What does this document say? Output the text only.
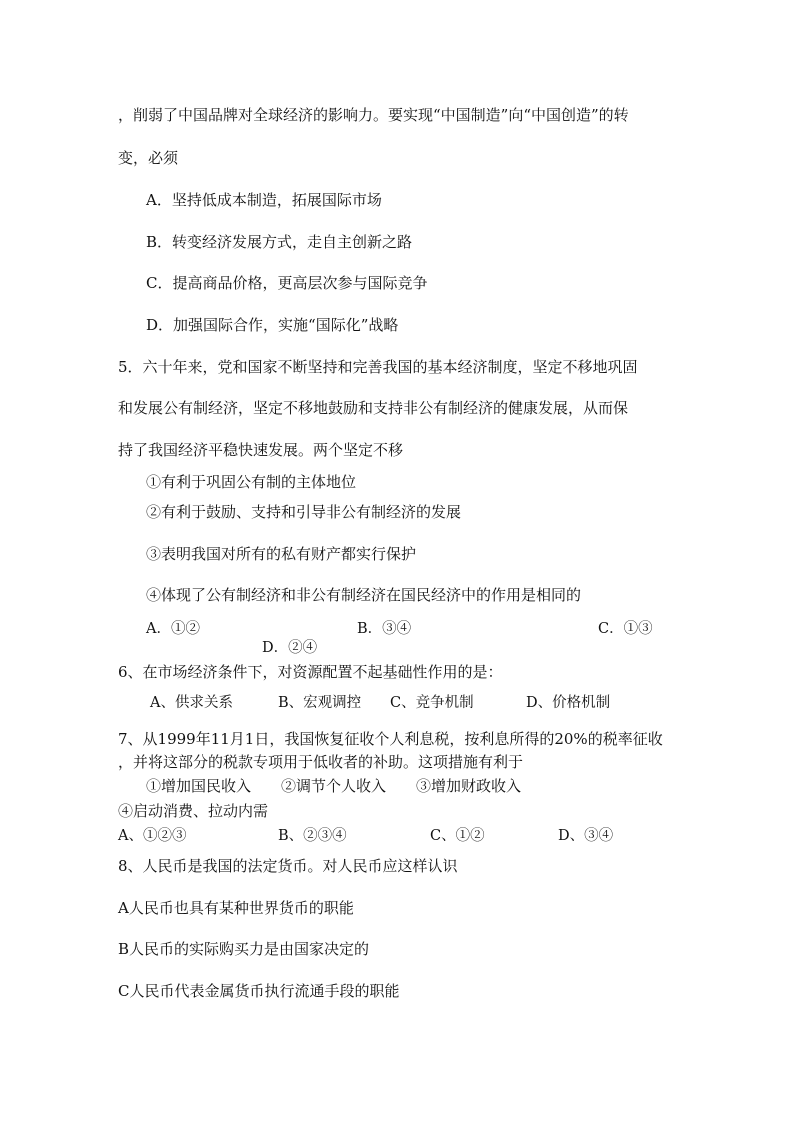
，削弱了中国品牌对全球经济的影响力。要实现“中国制造”向“中国创造”的转
变，必须
A．坚持低成本制造，拓展国际市场
B．转变经济发展方式，走自主创新之路
C．提高商品价格，更高层次参与国际竞争
D．加强国际合作，实施“国际化”战略
5．六十年来，党和国家不断坚持和完善我国的基本经济制度，坚定不移地巩固
和发展公有制经济，坚定不移地鼓励和支持非公有制经济的健康发展，从而保
持了我国经济平稳快速发展。两个坚定不移
①有利于巩固公有制的主体地位
②有利于鼓励、支持和引导非公有制经济的发展
③表明我国对所有的私有财产都实行保护
④体现了公有制经济和非公有制经济在国民经济中的作用是相同的
A．①②	B．③④	C．①③
D．②④
6、在市场经济条件下，对资源配置不起基础性作用的是：
A、供求关系	B、宏观调控 C、竞争机制	D、价格机制
7、从1999年11月1日，我国恢复征收个人利息税，按利息所得的20%的税率征收
，并将这部分的税款专项用于低收者的补助。这项措施有利于
①增加国民收入　　②调节个人收入　　③增加财政收入
④启动消费、拉动内需
A、①②③	B、②③④	C、①②	D、③④
8、人民币是我国的法定货币。对人民币应这样认识
A人民币也具有某种世界货币的职能
B人民币的实际购买力是由国家决定的
C人民币代表金属货币执行流通手段的职能
